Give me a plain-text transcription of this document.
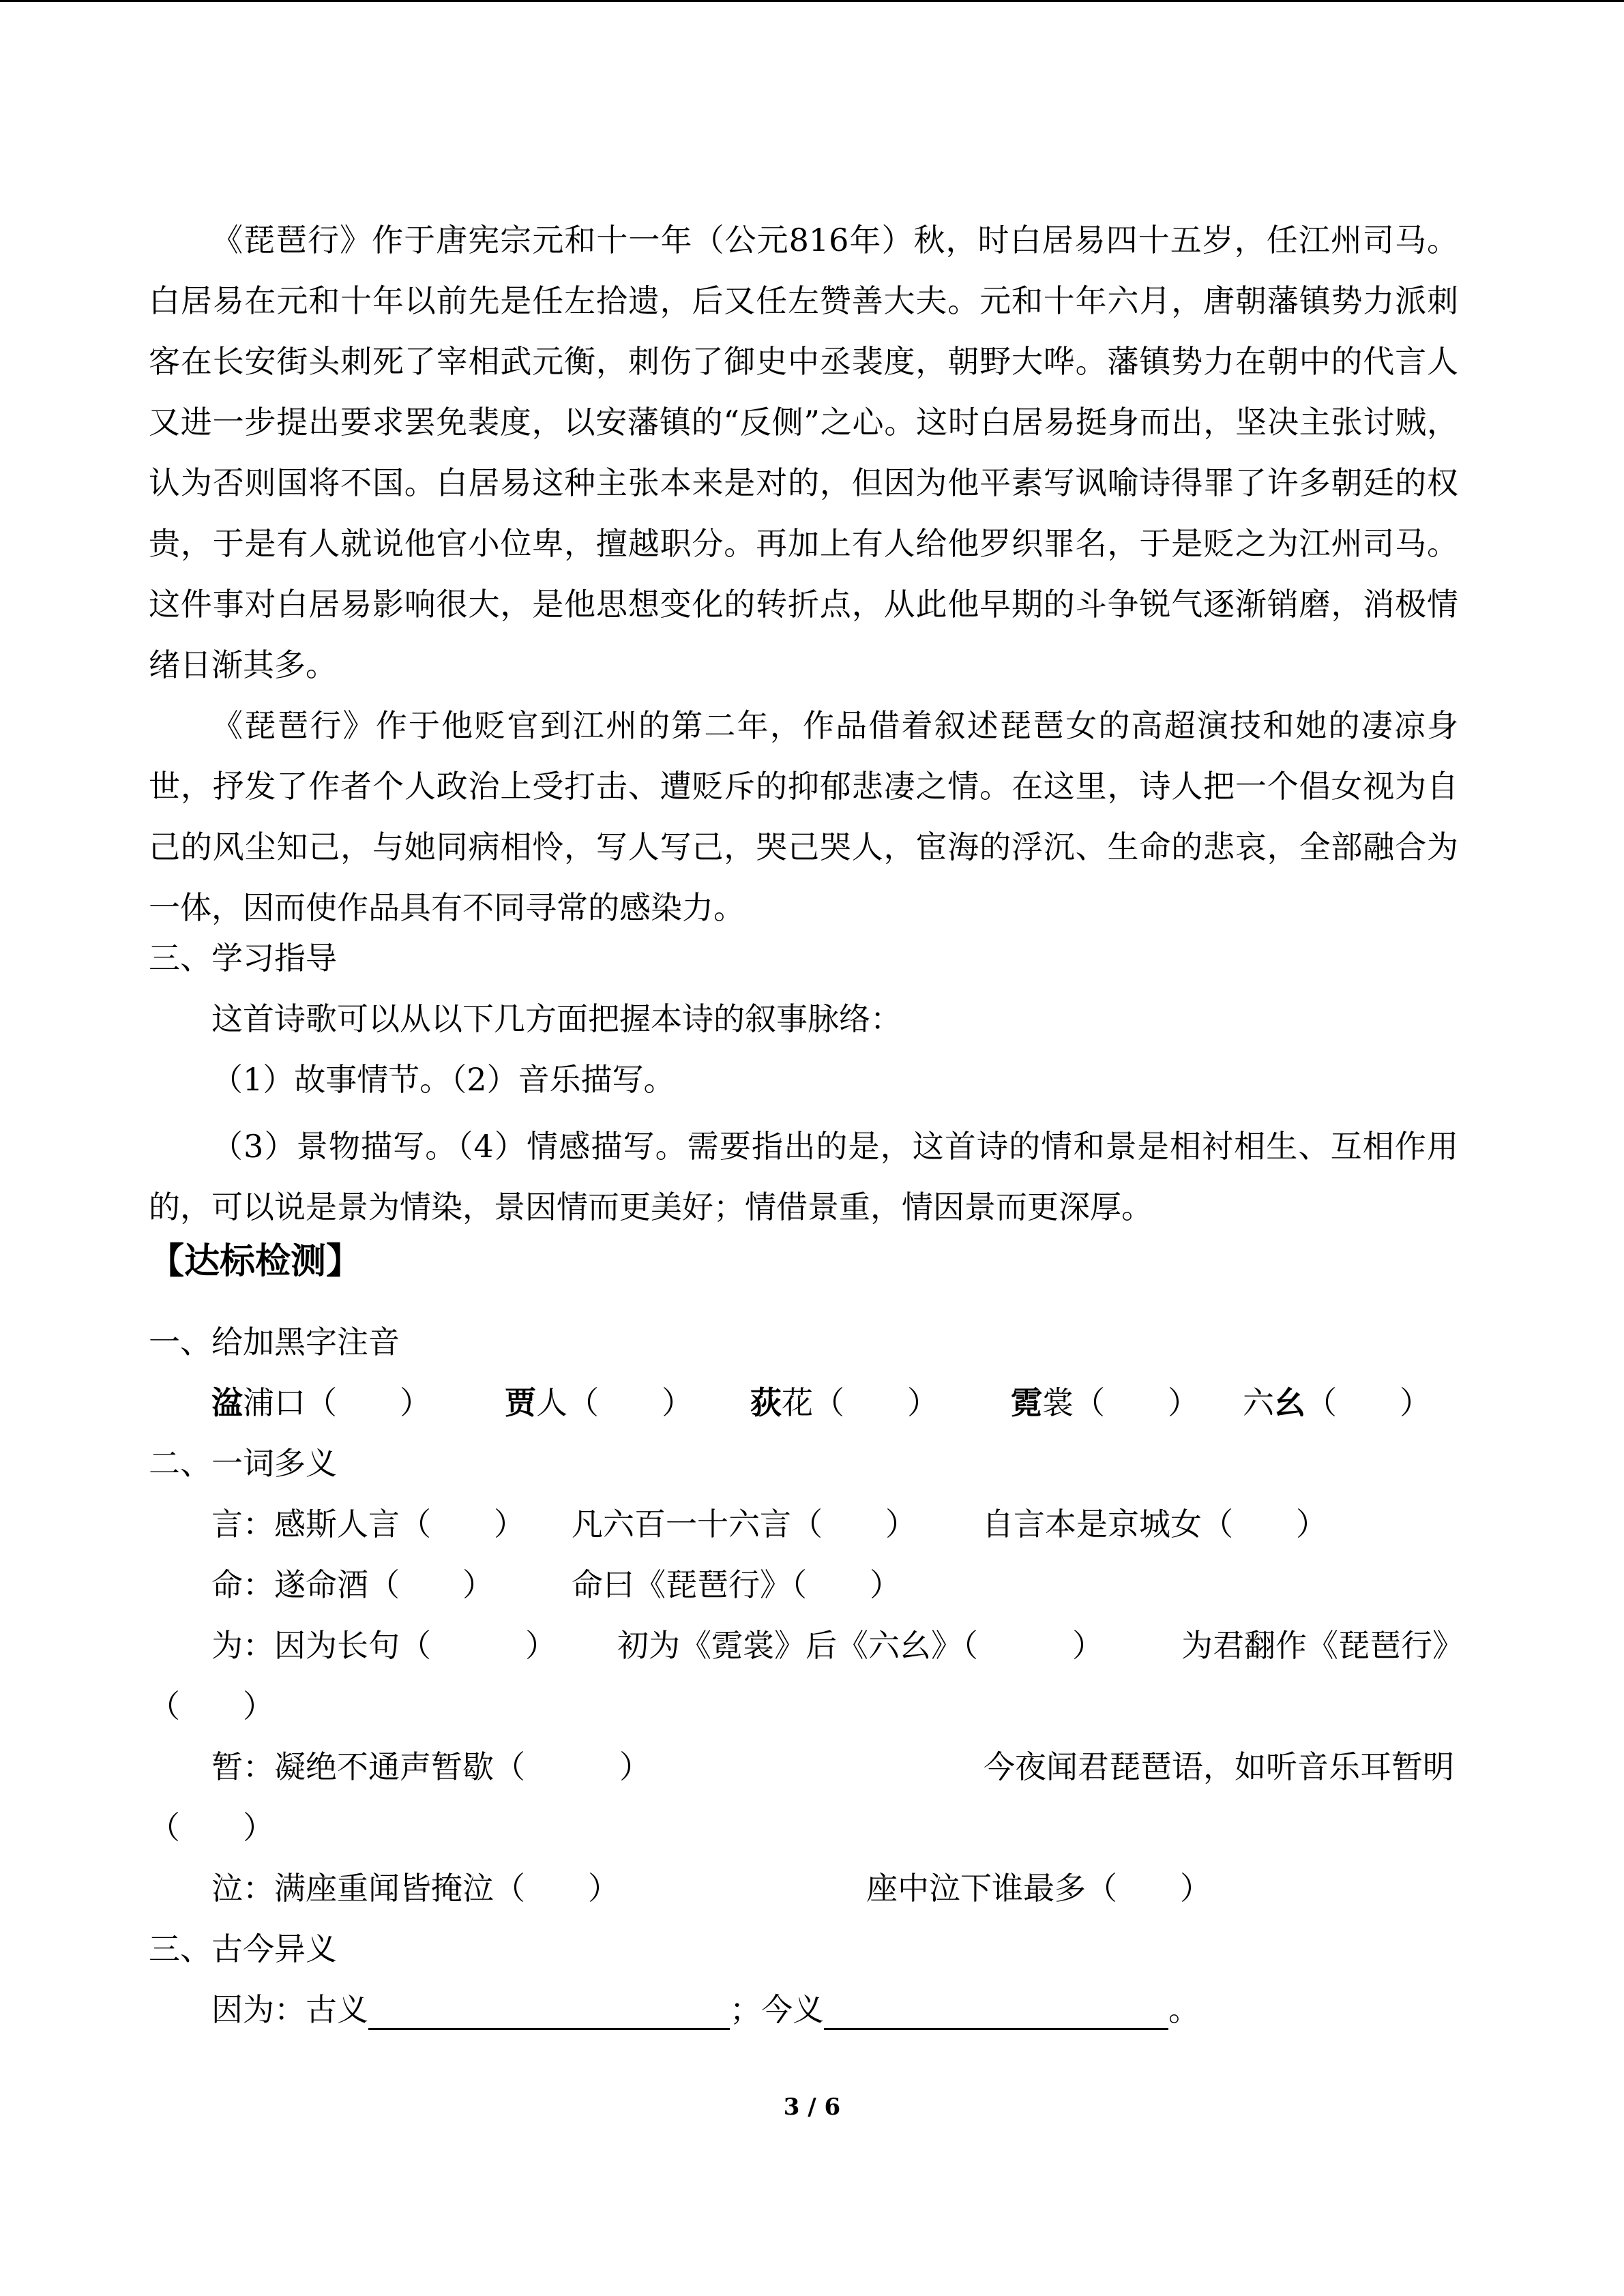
《琵琶行》作于唐宪宗元和十一年（公元816年）秋，时白居易四十五岁，任江州司马。白居易在元和十年以前先是任左拾遗，后又任左赞善大夫。元和十年六月，唐朝藩镇势力派刺客在长安街头刺死了宰相武元衡，刺伤了御史中丞裴度，朝野大哗。藩镇势力在朝中的代言人又进一步提出要求罢免裴度，以安藩镇的“反侧”之心。这时白居易挺身而出，坚决主张讨贼，认为否则国将不国。白居易这种主张本来是对的，但因为他平素写讽喻诗得罪了许多朝廷的权贵，于是有人就说他官小位卑，擅越职分。再加上有人给他罗织罪名，于是贬之为江州司马。这件事对白居易影响很大，是他思想变化的转折点，从此他早期的斗争锐气逐渐销磨，消极情绪日渐其多。
《琵琶行》作于他贬官到江州的第二年，作品借着叙述琵琶女的高超演技和她的凄凉身世，抒发了作者个人政治上受打击、遭贬斥的抑郁悲凄之情。在这里，诗人把一个倡女视为自己的风尘知己，与她同病相怜，写人写己，哭己哭人，宦海的浮沉、生命的悲哀，全部融合为一体，因而使作品具有不同寻常的感染力。
三、学习指导
这首诗歌可以从以下几方面把握本诗的叙事脉络：
（1）故事情节。（2）音乐描写。
（3）景物描写。（4）情感描写。需要指出的是，这首诗的情和景是相衬相生、互相作用的，可以说是景为情染，景因情而更美好；情借景重，情因景而更深厚。
【达标检测】
一、给加黑字注音
湓浦口（　　） 贾人（　　） 荻花（　　） 霓裳（　　） 六幺（　　）
二、一词多义
言：感斯人言（　　） 凡六百一十六言（　　） 自言本是京城女（　　）
命：遂命酒（　　） 命曰《琵琶行》（　　）
为：因为长句（　　　） 初为《霓裳》后《六幺》（　　　） 为君翻作《琵琶行》
（　　）
暂：凝绝不通声暂歇（　　　）	今夜闻君琵琶语，如听音乐耳暂明
（　　）
泣：满座重闻皆掩泣（　　）	座中泣下谁最多（　　）
三、古今异义
因为：古义	；今义	。
3 / 6
